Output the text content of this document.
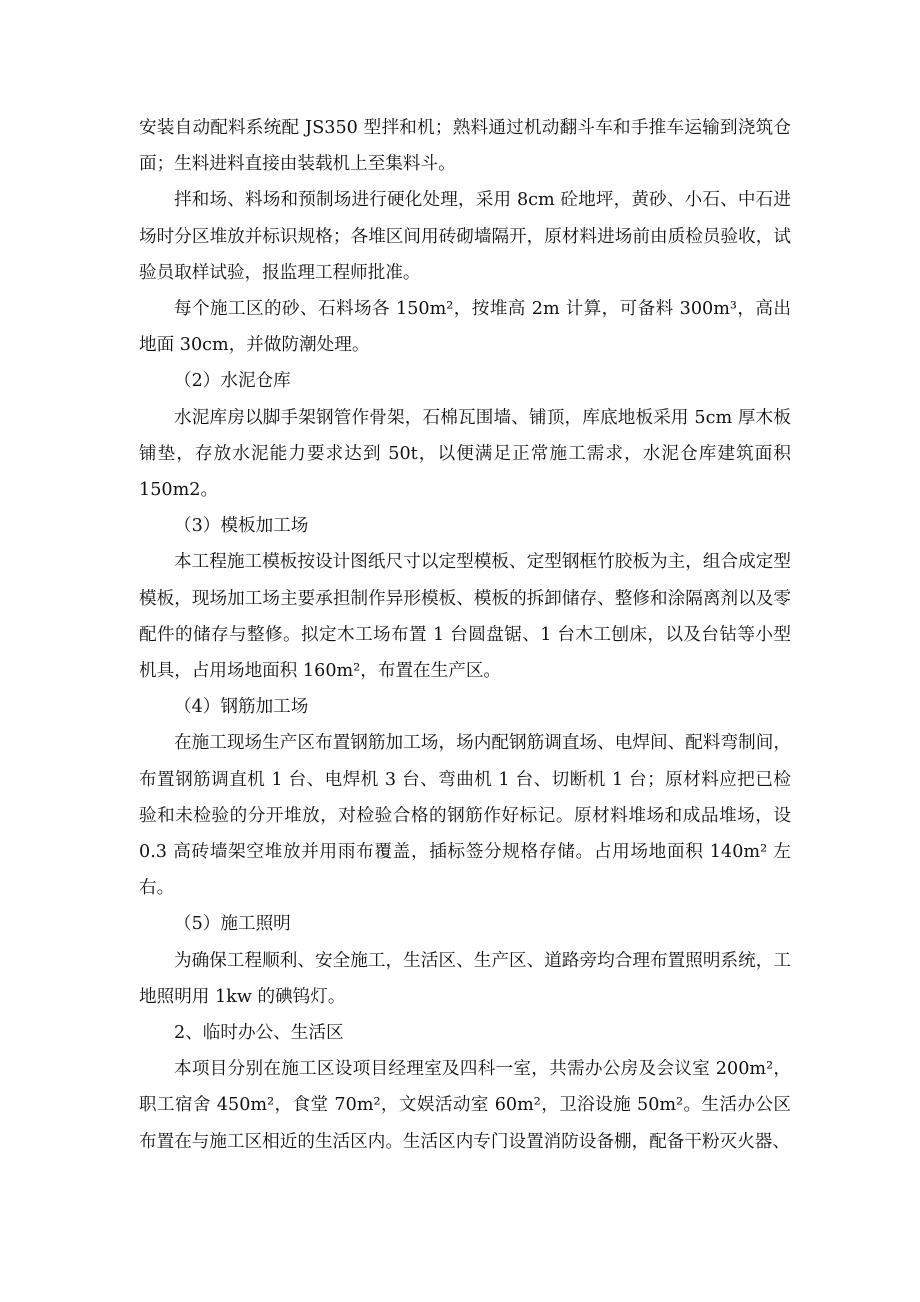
安装自动配料系统配 JS350 型拌和机；熟料通过机动翻斗车和手推车运输到浇筑仓面；生料进料直接由装载机上至集料斗。

拌和场、料场和预制场进行硬化处理，采用 8cm 砼地坪，黄砂、小石、中石进场时分区堆放并标识规格；各堆区间用砖砌墙隔开，原材料进场前由质检员验收，试验员取样试验，报监理工程师批准。

每个施工区的砂、石料场各 150m²，按堆高 2m 计算，可备料 300m³，高出地面 30cm，并做防潮处理。

（2）水泥仓库

水泥库房以脚手架钢管作骨架，石棉瓦围墙、铺顶，库底地板采用 5cm 厚木板铺垫，存放水泥能力要求达到 50t，以便满足正常施工需求，水泥仓库建筑面积 150m2。

（3）模板加工场

本工程施工模板按设计图纸尺寸以定型模板、定型钢框竹胶板为主，组合成定型模板，现场加工场主要承担制作异形模板、模板的拆卸储存、整修和涂隔离剂以及零配件的储存与整修。拟定木工场布置 1 台圆盘锯、1 台木工刨床，以及台钻等小型机具，占用场地面积 160m²，布置在生产区。

（4）钢筋加工场

在施工现场生产区布置钢筋加工场，场内配钢筋调直场、电焊间、配料弯制间，布置钢筋调直机 1 台、电焊机 3 台、弯曲机 1 台、切断机 1 台；原材料应把已检验和未检验的分开堆放，对检验合格的钢筋作好标记。原材料堆场和成品堆场，设 0.3 高砖墙架空堆放并用雨布覆盖，插标签分规格存储。占用场地面积 140m² 左右。

（5）施工照明

为确保工程顺利、安全施工，生活区、生产区、道路旁均合理布置照明系统，工地照明用 1kw 的碘钨灯。

2、临时办公、生活区

本项目分别在施工区设项目经理室及四科一室，共需办公房及会议室 200m²，职工宿舍 450m²，食堂 70m²，文娱活动室 60m²，卫浴设施 50m²。生活办公区布置在与施工区相近的生活区内。生活区内专门设置消防设备棚，配备干粉灭火器、
